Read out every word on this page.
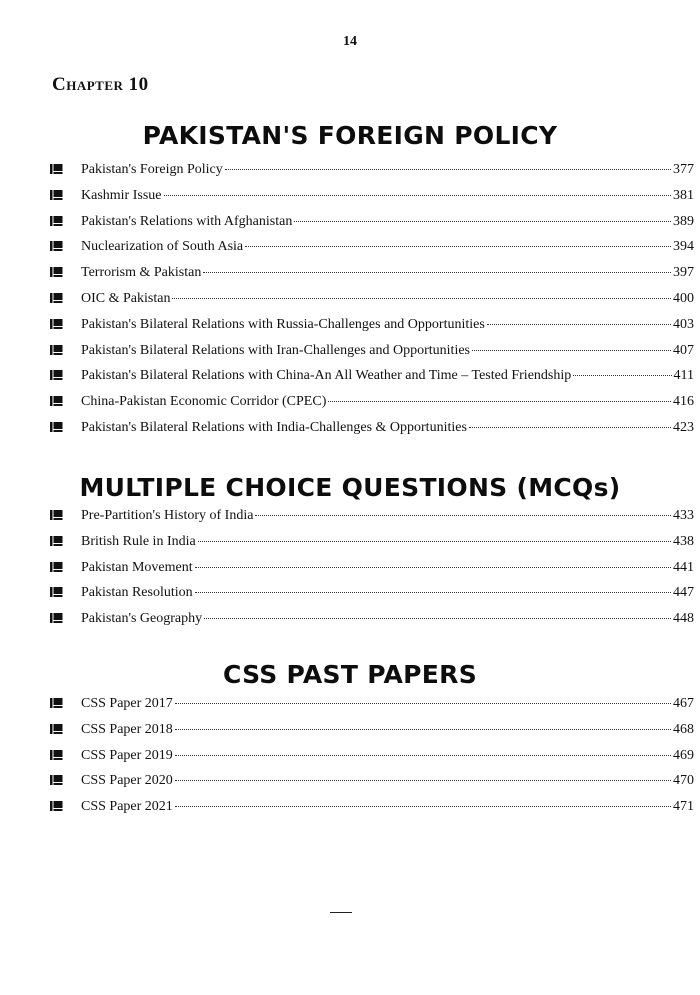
14
Chapter 10
PAKISTAN'S FOREIGN POLICY
Pakistan's Foreign Policy	377
Kashmir Issue	381
Pakistan's Relations with Afghanistan	389
Nuclearization of South Asia	394
Terrorism & Pakistan	397
OIC & Pakistan	400
Pakistan's Bilateral Relations with Russia-Challenges and Opportunities	403
Pakistan's Bilateral Relations with Iran-Challenges and Opportunities	407
Pakistan's Bilateral Relations with China-An All Weather and Time – Tested Friendship	411
China-Pakistan Economic Corridor (CPEC)	416
Pakistan's Bilateral Relations with India-Challenges & Opportunities	423
MULTIPLE CHOICE QUESTIONS (MCQs)
Pre-Partition's History of India	433
British Rule in India	438
Pakistan Movement	441
Pakistan Resolution	447
Pakistan's Geography	448
CSS PAST PAPERS
CSS Paper 2017	467
CSS Paper 2018	468
CSS Paper 2019	469
CSS Paper 2020	470
CSS Paper 2021	471
